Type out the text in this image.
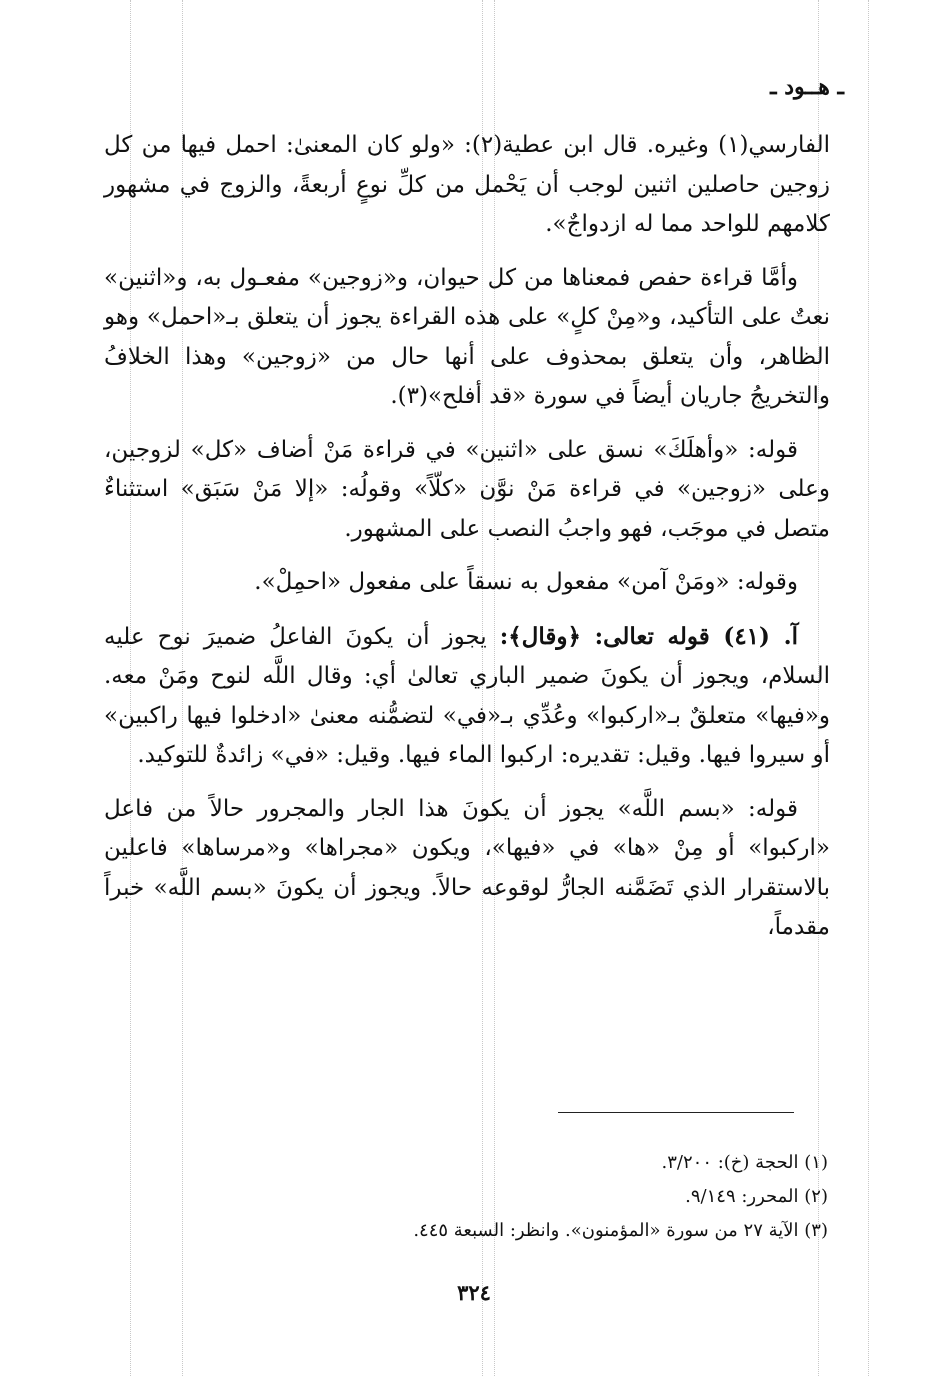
ـ هــود ـ

الفارسي(١) وغيره. قال ابن عطية(٢): «ولو كان المعنىٰ: احمل فيها من كل زوجين حاصلين اثنين لوجب أن يَحْمل من كلِّ نوعٍ أربعةً، والزوج في مشهور كلامهم للواحد مما له ازدواجٌ».

وأمَّا قراءة حفص فمعناها من كل حيوان، و«زوجين» مفعـول به، و«اثنين» نعتٌ على التأكيد، و«مِنْ كلٍ» على هذه القراءة يجوز أن يتعلق بـ«احمل» وهو الظاهر، وأن يتعلق بمحذوف على أنها حال من «زوجين» وهذا الخلافُ والتخريجُ جاريان أيضاً في سورة «قد أفلح»(٣).

قوله: «وأهلَكَ» نسق على «اثنين» في قراءة مَنْ أضاف «كل» لزوجين، وعلى «زوجين» في قراءة مَنْ نوَّن «كلّاً» وقولُه: «إلا مَنْ سَبَق» استثناءٌ متصل في موجَب، فهو واجبُ النصب على المشهور.

وقوله: «ومَنْ آمن» مفعول به نسقاً على مفعول «احمِلْ».

آ. (٤١) قوله تعالى: ﴿وقال﴾: يجوز أن يكونَ الفاعلُ ضميرَ نوح عليه السلام، ويجوز أن يكونَ ضمير الباري تعالىٰ أي: وقال اللَّه لنوح ومَنْ معه. و«فيها» متعلقٌ بـ«اركبوا» وعُدِّي بـ«في» لتضمُّنه معنىٰ «ادخلوا فيها راكبين» أو سيروا فيها. وقيل: تقديره: اركبوا الماء فيها. وقيل: «في» زائدةٌ للتوكيد.

قوله: «بسم اللَّه» يجوز أن يكونَ هذا الجار والمجرور حالاً من فاعل «اركبوا» أو مِنْ «ها» في «فيها»، ويكون «مجراها» و«مرساها» فاعلين بالاستقرار الذي تَضَمَّنه الجارُّ لوقوعه حالاً. ويجوز أن يكونَ «بسم اللَّه» خبراً مقدماً،

(١) الحجة (خ): ٣/٢٠٠.
(٢) المحرر: ٩/١٤٩.
(٣) الآية ٢٧ من سورة «المؤمنون». وانظر: السبعة ٤٤٥.
٣٢٤
